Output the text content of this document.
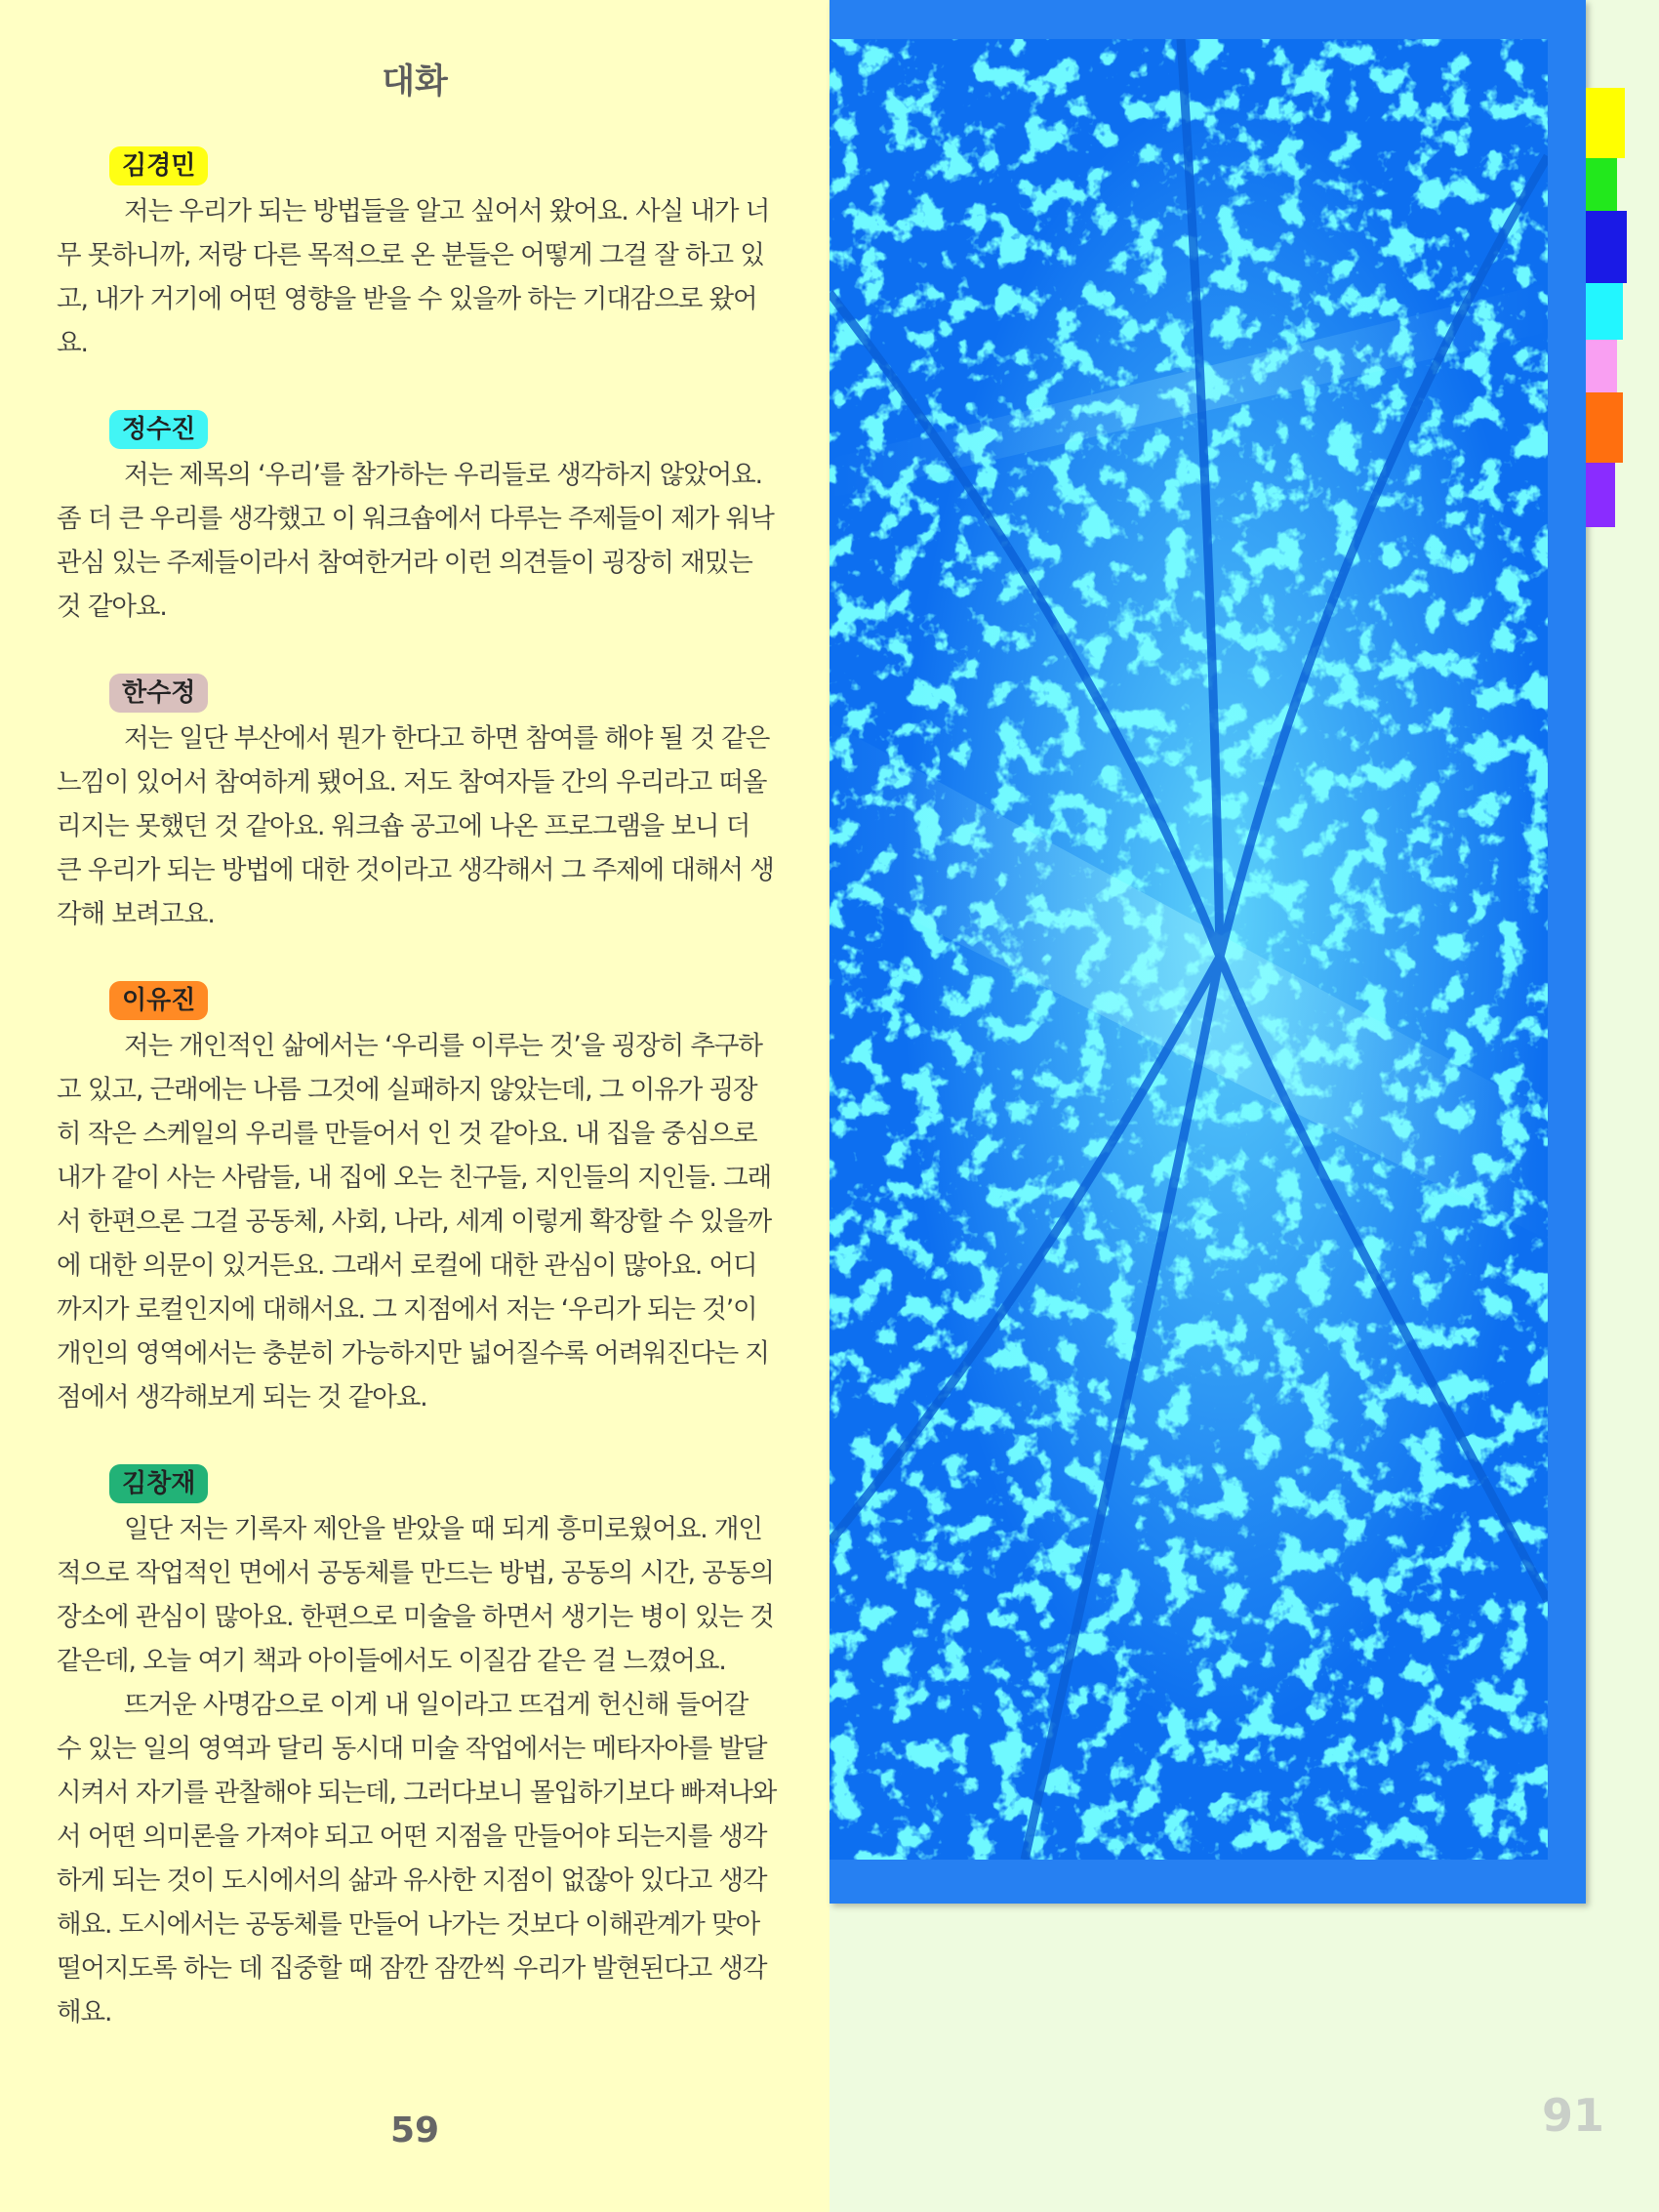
대화
김경민

저는 우리가 되는 방법들을 알고 싶어서 왔어요. 사실 내가 너무 못하니까, 저랑 다른 목적으로 온 분들은 어떻게 그걸 잘 하고 있고, 내가 거기에 어떤 영향을 받을 수 있을까 하는 기대감으로 왔어요.

정수진

저는 제목의 ‘우리’를 참가하는 우리들로 생각하지 않았어요. 좀 더 큰 우리를 생각했고 이 워크숍에서 다루는 주제들이 제가 워낙 관심 있는 주제들이라서 참여한거라 이런 의견들이 굉장히 재밌는 것 같아요.

한수정

저는 일단 부산에서 뭔가 한다고 하면 참여를 해야 될 것 같은 느낌이 있어서 참여하게 됐어요. 저도 참여자들 간의 우리라고 떠올리지는 못했던 것 같아요. 워크숍 공고에 나온 프로그램을 보니 더 큰 우리가 되는 방법에 대한 것이라고 생각해서 그 주제에 대해서 생각해 보려고요.

이유진

저는 개인적인 삶에서는 ‘우리를 이루는 것’을 굉장히 추구하고 있고, 근래에는 나름 그것에 실패하지 않았는데, 그 이유가 굉장히 작은 스케일의 우리를 만들어서 인 것 같아요. 내 집을 중심으로 내가 같이 사는 사람들, 내 집에 오는 친구들, 지인들의 지인들. 그래서 한편으론 그걸 공동체, 사회, 나라, 세계 이렇게 확장할 수 있을까에 대한 의문이 있거든요. 그래서 로컬에 대한 관심이 많아요. 어디까지가 로컬인지에 대해서요. 그 지점에서 저는 ‘우리가 되는 것’이 개인의 영역에서는 충분히 가능하지만 넓어질수록 어려워진다는 지점에서 생각해보게 되는 것 같아요.

김창재

일단 저는 기록자 제안을 받았을 때 되게 흥미로웠어요. 개인적으로 작업적인 면에서 공동체를 만드는 방법, 공동의 시간, 공동의 장소에 관심이 많아요. 한편으로 미술을 하면서 생기는 병이 있는 것 같은데, 오늘 여기 책과 아이들에서도 이질감 같은 걸 느꼈어요.

뜨거운 사명감으로 이게 내 일이라고 뜨겁게 헌신해 들어갈 수 있는 일의 영역과 달리 동시대 미술 작업에서는 메타자아를 발달시켜서 자기를 관찰해야 되는데, 그러다보니 몰입하기보다 빠져나와서 어떤 의미론을 가져야 되고 어떤 지점을 만들어야 되는지를 생각하게 되는 것이 도시에서의 삶과 유사한 지점이 없잖아 있다고 생각해요. 도시에서는 공동체를 만들어 나가는 것보다 이해관계가 맞아 떨어지도록 하는 데 집중할 때 잠깐 잠깐씩 우리가 발현된다고 생각해요.

59	91
